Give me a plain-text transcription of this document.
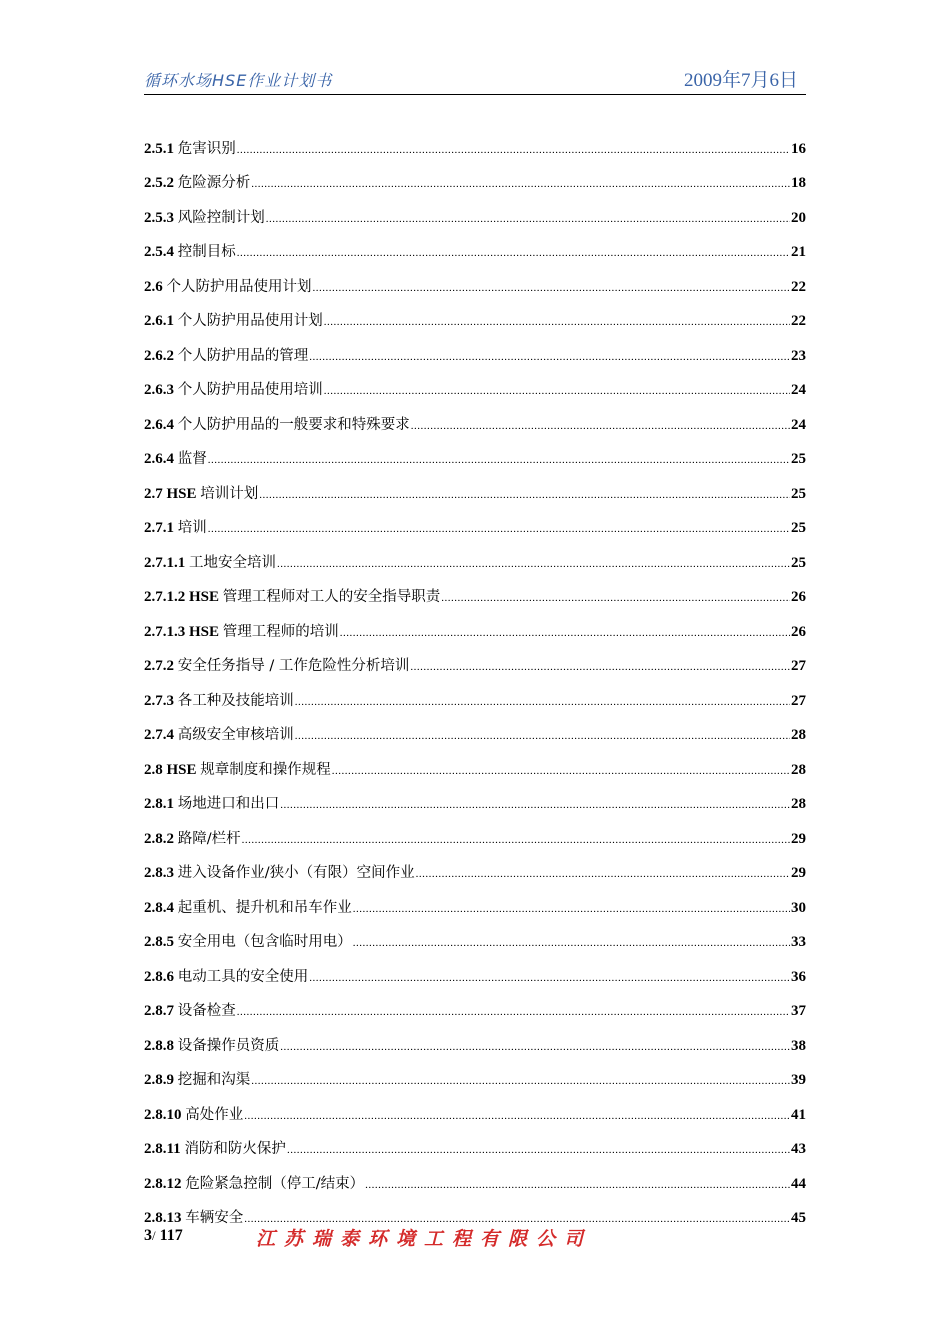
循环水场HSE作业计划书	2009年7月6日
2.5.1
危害识别 .....	16
2.5.2
危险源分析 .....	18
2.5.3
风险控制计划 .....	20
2.5.4
控制目标 .....	21
2.6
个人防护用品使用计划 .....	22
2.6.1
个人防护用品使用计划 .....	22
2.6.2
个人防护用品的管理 .....	23
2.6.3
个人防护用品使用培训 .....	24
2.6.4
个人防护用品的一般要求和特殊要求 .....	24
2.6.4
监督 .....	25
2.7 HSE
培训计划 .....	25
2.7.1
培训 .....	25
2.7.1.1
工地安全培训 .....	25
2.7.1.2 HSE
管理工程师对工人的安全指导职责 .....	26
2.7.1.3 HSE
管理工程师的培训 .....	26
2.7.2
安全任务指导 / 工作危险性分析培训 .....	27
2.7.3
各工种及技能培训 .....	27
2.7.4
高级安全审核培训 .....	28
2.8 HSE
规章制度和操作规程 .....	28
2.8.1
场地进口和出口 .....	28
2.8.2
路障/栏杆 .....	29
2.8.3
进入设备作业/狭小（有限）空间作业 .....	29
2.8.4
起重机、提升机和吊车作业 .....	30
2.8.5
安全用电（包含临时用电） .....	33
2.8.6
电动工具的安全使用 .....	36
2.8.7
设备检查 .....	37
2.8.8
设备操作员资质 .....	38
2.8.9
挖掘和沟渠 .....	39
2.8.10
高处作业 .....	41
2.8.11
消防和防火保护 .....	43
2.8.12
危险紧急控制（停工/结束） .....	44
2.8.13
车辆安全 .....	45
3/ 117	江苏瑞泰环境工程有限公司
